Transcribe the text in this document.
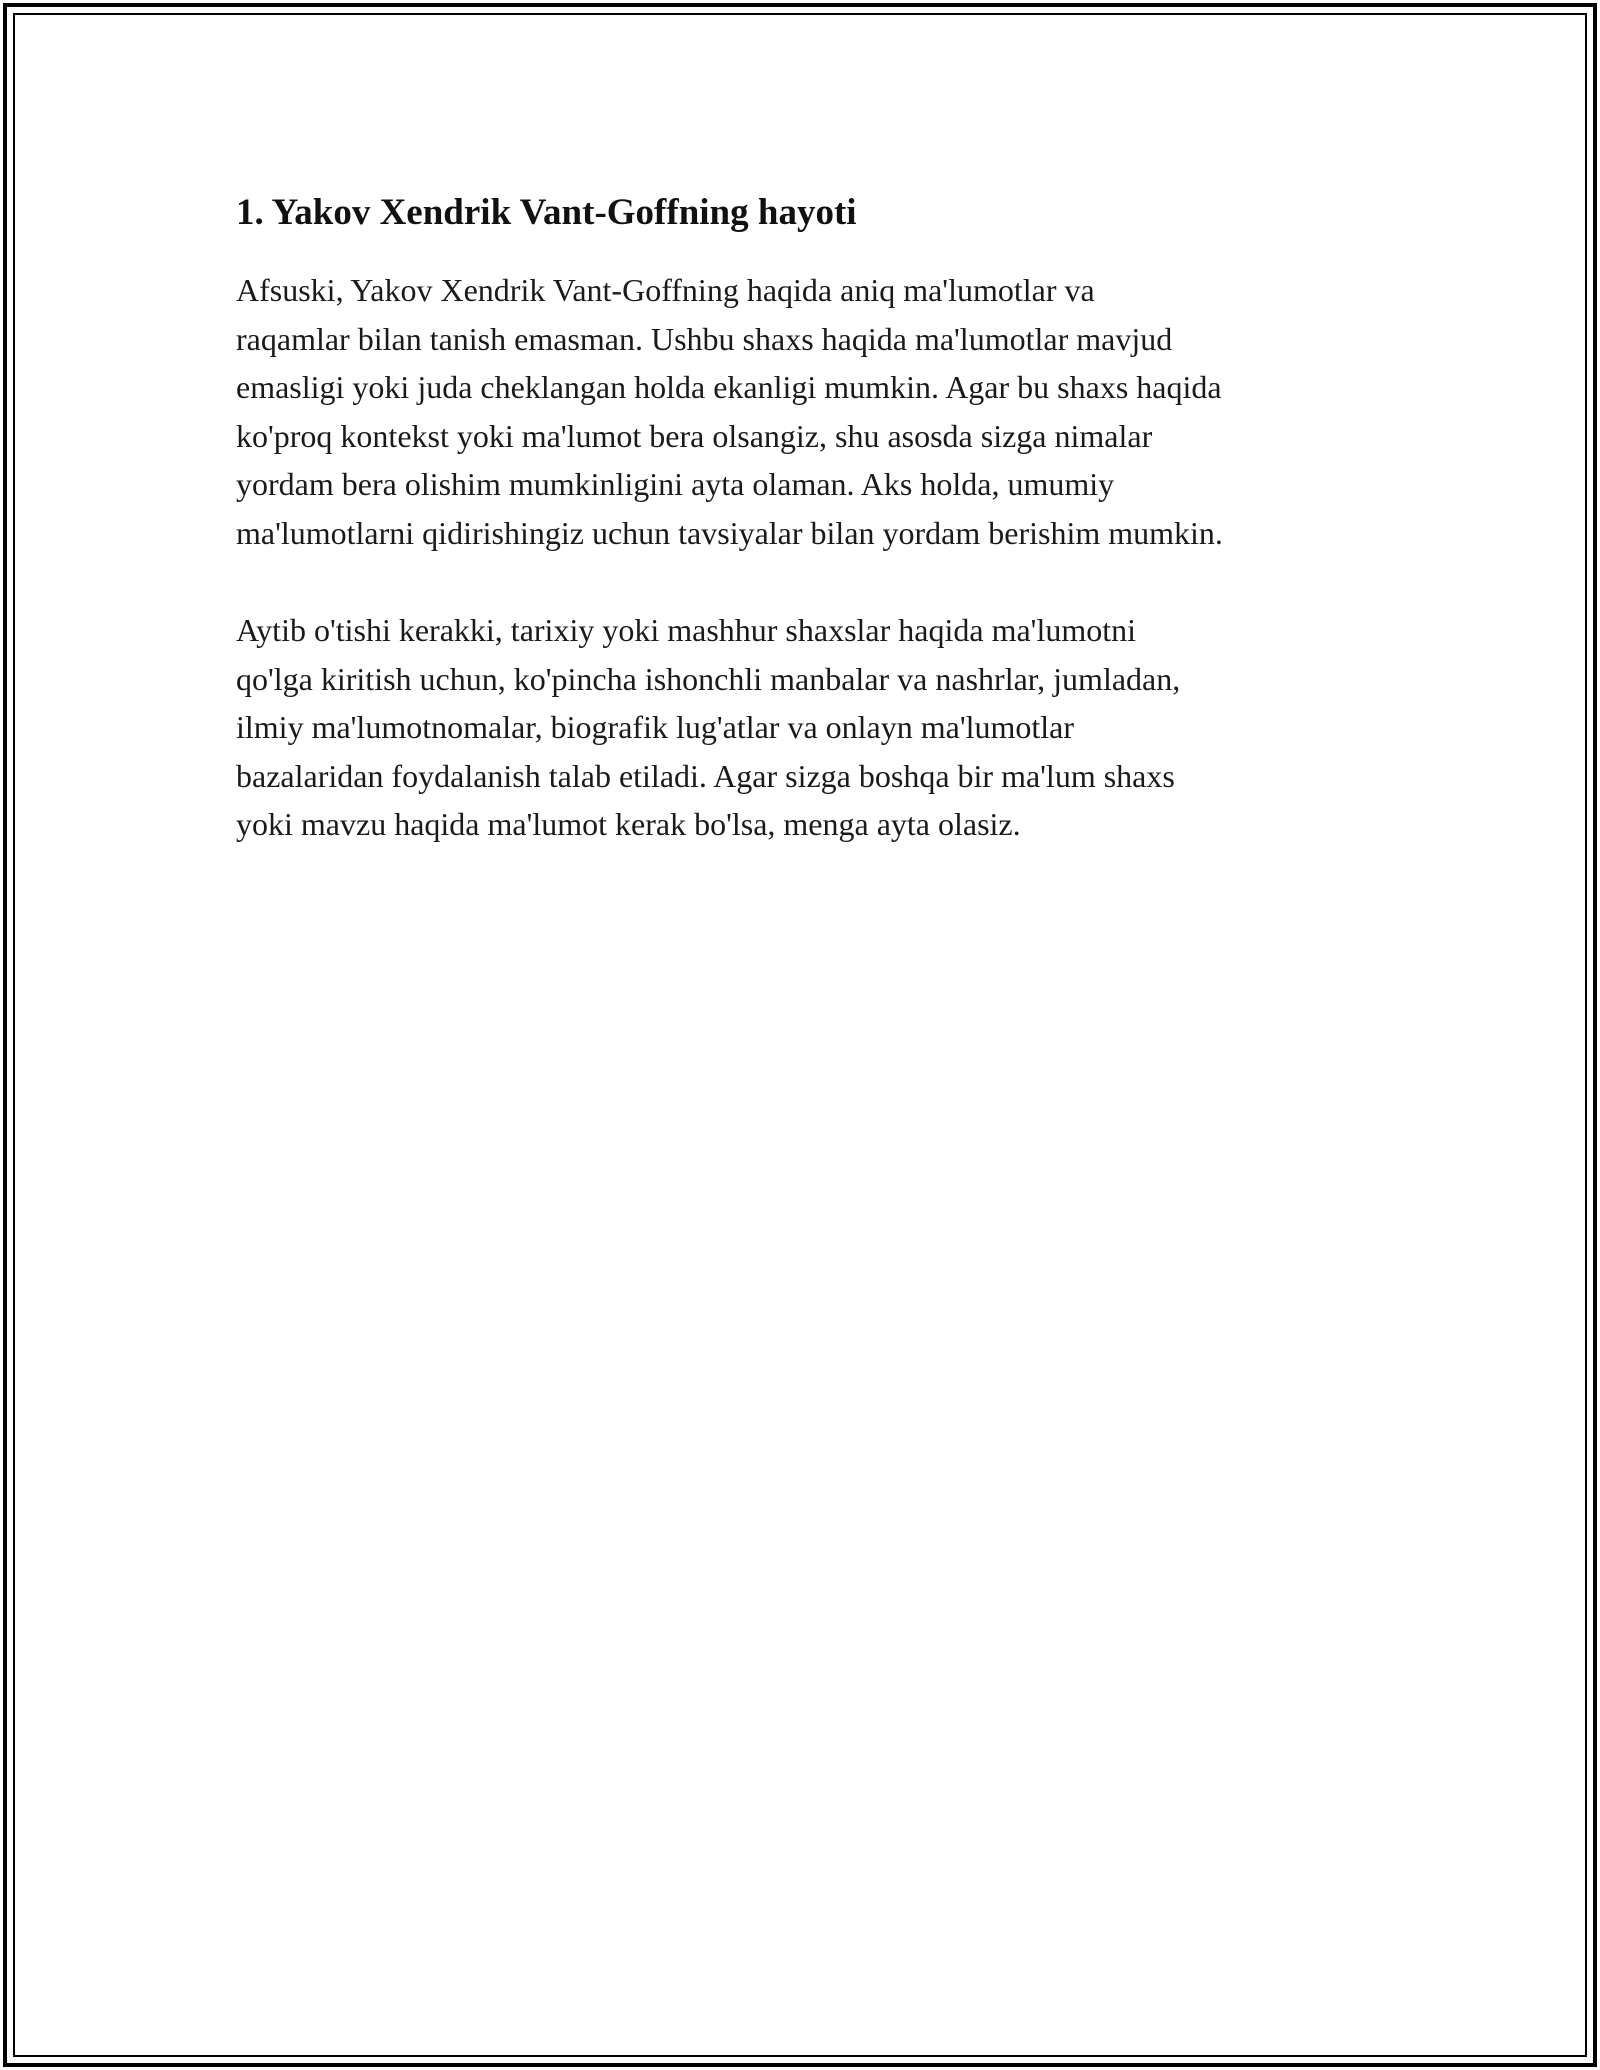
1. Yakov Xendrik Vant-Goffning hayoti

Afsuski, Yakov Xendrik Vant-Goffning haqida aniq ma'lumotlar va
raqamlar bilan tanish emasman. Ushbu shaxs haqida ma'lumotlar mavjud
emasligi yoki juda cheklangan holda ekanligi mumkin. Agar bu shaxs haqida
ko'proq kontekst yoki ma'lumot bera olsangiz, shu asosda sizga nimalar
yordam bera olishim mumkinligini ayta olaman. Aks holda, umumiy
ma'lumotlarni qidirishingiz uchun tavsiyalar bilan yordam berishim mumkin.

Aytib o'tishi kerakki, tarixiy yoki mashhur shaxslar haqida ma'lumotni
qo'lga kiritish uchun, ko'pincha ishonchli manbalar va nashrlar, jumladan,
ilmiy ma'lumotnomalar, biografik lug'atlar va onlayn ma'lumotlar
bazalaridan foydalanish talab etiladi. Agar sizga boshqa bir ma'lum shaxs
yoki mavzu haqida ma'lumot kerak bo'lsa, menga ayta olasiz.
